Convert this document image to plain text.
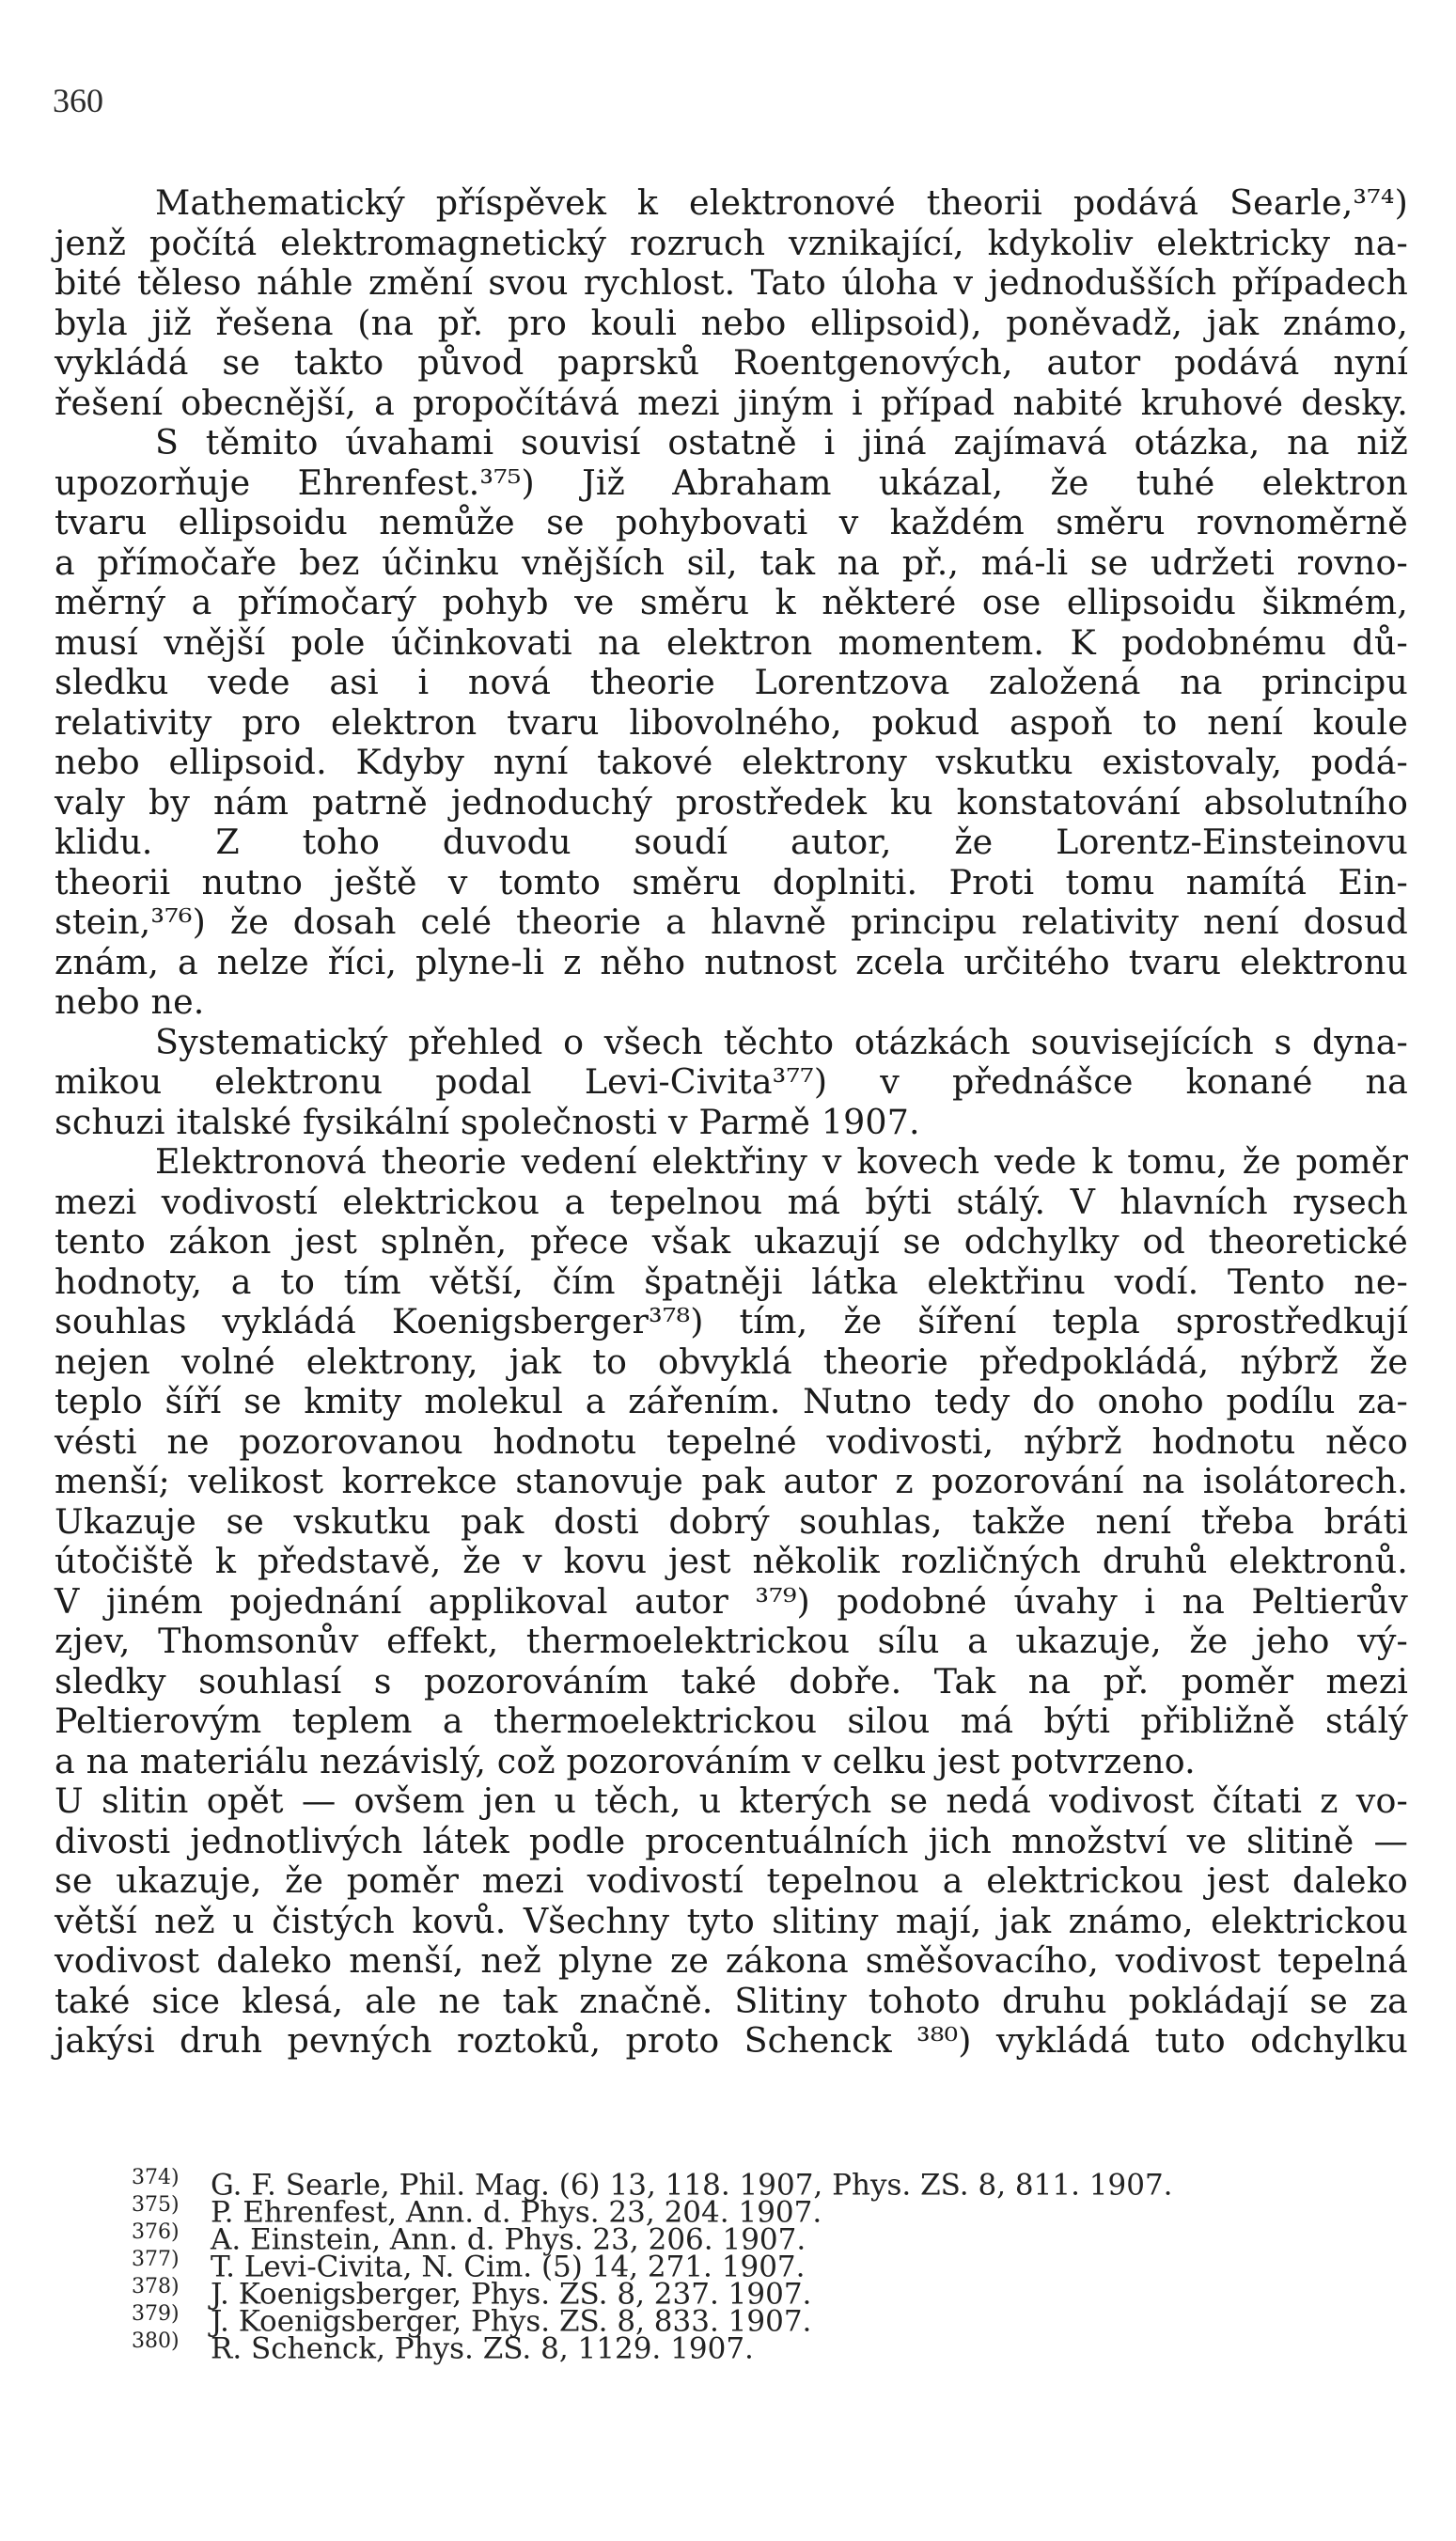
360
Mathematický příspěvek k elektronové theorii podává Searle,³⁷⁴)
jenž počítá elektromagnetický rozruch vznikající, kdykoliv elektricky na-
bité těleso náhle změní svou rychlost. Tato úloha v jednodušších případech
byla již řešena (na př. pro kouli nebo ellipsoid), poněvadž, jak známo,
vykládá se takto původ paprsků Roentgenových, autor podává nyní
řešení obecnější, a propočítává mezi jiným i případ nabité kruhové desky.
S těmito úvahami souvisí ostatně i jiná zajímavá otázka, na niž
upozorňuje Ehrenfest.³⁷⁵) Již Abraham ukázal, že tuhé elektron
tvaru ellipsoidu nemůže se pohybovati v každém směru rovnoměrně
a přímočaře bez účinku vnějších sil, tak na př., má-li se udržeti rovno-
měrný a přímočarý pohyb ve směru k některé ose ellipsoidu šikmém,
musí vnější pole účinkovati na elektron momentem. K podobnému dů-
sledku vede asi i nová theorie Lorentzova založená na principu
relativity pro elektron tvaru libovolného, pokud aspoň to není koule
nebo ellipsoid. Kdyby nyní takové elektrony vskutku existovaly, podá-
valy by nám patrně jednoduchý prostředek ku konstatování absolutního
klidu. Z toho duvodu soudí autor, že Lorentz-Einsteinovu
theorii nutno ještě v tomto směru doplniti. Proti tomu namítá Ein-
stein,³⁷⁶) že dosah celé theorie a hlavně principu relativity není dosud
znám, a nelze říci, plyne-li z něho nutnost zcela určitého tvaru elektronu
nebo ne.
Systematický přehled o všech těchto otázkách souvisejících s dyna-
mikou elektronu podal Levi-Civita³⁷⁷) v přednášce konané na
schuzi italské fysikální společnosti v Parmě 1907.
Elektronová theorie vedení elektřiny v kovech vede k tomu, že poměr
mezi vodivostí elektrickou a tepelnou má býti stálý. V hlavních rysech
tento zákon jest splněn, přece však ukazují se odchylky od theoretické
hodnoty, a to tím větší, čím špatněji látka elektřinu vodí. Tento ne-
souhlas vykládá Koenigsberger³⁷⁸) tím, že šíření tepla sprostředkují
nejen volné elektrony, jak to obvyklá theorie předpokládá, nýbrž že
teplo šíří se kmity molekul a zářením. Nutno tedy do onoho podílu za-
vésti ne pozorovanou hodnotu tepelné vodivosti, nýbrž hodnotu něco
menší; velikost korrekce stanovuje pak autor z pozorování na isolátorech.
Ukazuje se vskutku pak dosti dobrý souhlas, takže není třeba bráti
útočiště k představě, že v kovu jest několik rozličných druhů elektronů.
V jiném pojednání applikoval autor ³⁷⁹) podobné úvahy i na Peltierův
zjev, Thomsonův effekt, thermoelektrickou sílu a ukazuje, že jeho vý-
sledky souhlasí s pozorováním také dobře. Tak na př. poměr mezi
Peltierovým teplem a thermoelektrickou silou má býti přibližně stálý
a na materiálu nezávislý, což pozorováním v celku jest potvrzeno.
U slitin opět — ovšem jen u těch, u kterých se nedá vodivost čítati z vo-
divosti jednotlivých látek podle procentuálních jich množství ve slitině —
se ukazuje, že poměr mezi vodivostí tepelnou a elektrickou jest daleko
větší než u čistých kovů. Všechny tyto slitiny mají, jak známo, elektrickou
vodivost daleko menší, než plyne ze zákona směšovacího, vodivost tepelná
také sice klesá, ale ne tak značně. Slitiny tohoto druhu pokládají se za
jakýsi druh pevných roztoků, proto Schenck ³⁸⁰) vykládá tuto odchylku
374) G. F. Searle, Phil. Mag. (6) 13, 118. 1907, Phys. ZS. 8, 811. 1907.
375) P. Ehrenfest, Ann. d. Phys. 23, 204. 1907.
376) A. Einstein, Ann. d. Phys. 23, 206. 1907.
377) T. Levi-Civita, N. Cim. (5) 14, 271. 1907.
378) J. Koenigsberger, Phys. ZS. 8, 237. 1907.
379) J. Koenigsberger, Phys. ZS. 8, 833. 1907.
380) R. Schenck, Phys. ZS. 8, 1129. 1907.
